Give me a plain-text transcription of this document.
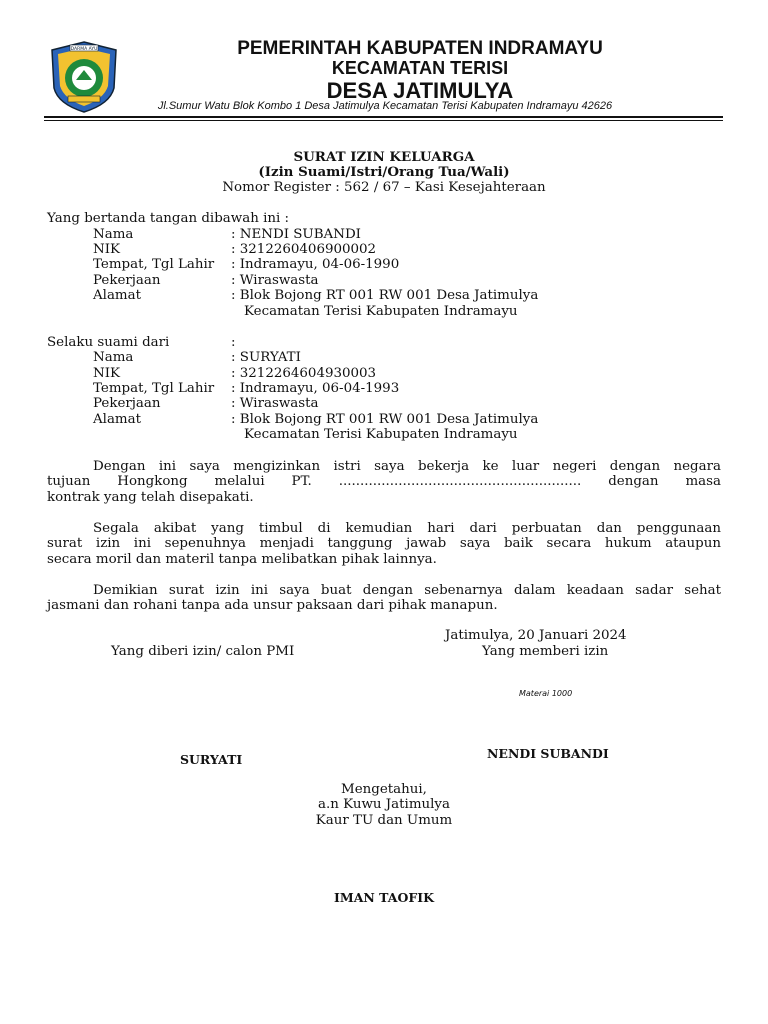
DARMA AYU	PEMERINTAH KABUPATEN INDRAMAYU
KECAMATAN TERISI
DESA JATIMULYA
Jl.Sumur Watu Blok Kombo 1 Desa Jatimulya Kecamatan Terisi Kabupaten Indramayu 42626
SURAT IZIN KELUARGA
(Izin Suami/Istri/Orang Tua/Wali)
Nomor Register : 562 / 67 – Kasi Kesejahteraan
Yang bertanda tangan dibawah ini :
Nama	: NENDI SUBANDI
NIK	: 3212260406900002
Tempat, Tgl Lahir : Indramayu, 04-06-1990
Pekerjaan	: Wiraswasta
Alamat	: Blok Bojong RT 001 RW 001 Desa Jatimulya
Kecamatan Terisi Kabupaten Indramayu
Selaku suami dari	:
Nama	: SURYATI
NIK	: 3212264604930003
Tempat, Tgl Lahir : Indramayu, 06-04-1993
Pekerjaan	: Wiraswasta
Alamat	: Blok Bojong RT 001 RW 001 Desa Jatimulya
Kecamatan Terisi Kabupaten Indramayu
Dengan ini saya mengizinkan istri saya bekerja ke luar negeri dengan negara
tujuan Hongkong melalui PT. ......................................................... dengan masa
kontrak yang telah disepakati.
Segala akibat yang timbul di kemudian hari dari perbuatan dan penggunaan
surat izin ini sepenuhnya menjadi tanggung jawab saya baik secara hukum ataupun
secara moril dan materil tanpa melibatkan pihak lainnya.
Demikian surat izin ini saya buat dengan sebenarnya dalam keadaan sadar sehat
jasmani dan rohani tanpa ada unsur paksaan dari pihak manapun.
Jatimulya, 20 Januari 2024
Yang diberi izin/ calon PMI	Yang memberi izin
Materai 1000
SURYATI	NENDI SUBANDI
Mengetahui,
a.n Kuwu Jatimulya
Kaur TU dan Umum
IMAN TAOFIK
